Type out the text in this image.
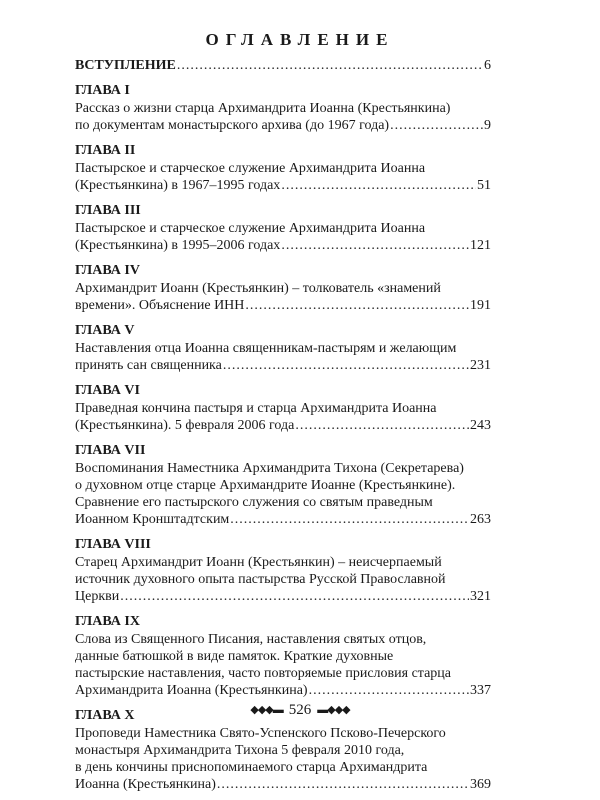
ОГЛАВЛЕНИЕ
ВСТУПЛЕНИЕ .....	6
ГЛАВА I
Рассказ о жизни старца Архимандрита Иоанна (Крестьянкина)
по документам монастырского архива (до 1967 года) .....	9
ГЛАВА II
Пастырское и старческое служение Архимандрита Иоанна
(Крестьянкина) в 1967–1995 годах .....	51
ГЛАВА III
Пастырское и старческое служение Архимандрита Иоанна
(Крестьянкина) в 1995–2006 годах .....	121
ГЛАВА IV
Архимандрит Иоанн (Крестьянкин) – толкователь «знамений
времени». Объяснение ИНН .....	191
ГЛАВА V
Наставления отца Иоанна священникам-пастырям и желающим
принять сан священника .....	231
ГЛАВА VI
Праведная кончина пастыря и старца Архимандрита Иоанна
(Крестьянкина). 5 февраля 2006 года .....	243
ГЛАВА VII
Воспоминания Наместника Архимандрита Тихона (Секретарева)
о духовном отце старце Архимандрите Иоанне (Крестьянкине).
Сравнение его пастырского служения со святым праведным
Иоанном Кронштадтским .....	263
ГЛАВА VIII
Старец Архимандрит Иоанн (Крестьянкин) – неисчерпаемый
источник духовного опыта пастырства Русской Православной
Церкви .....	321
ГЛАВА IX
Слова из Священного Писания, наставления святых отцов,
данные батюшкой в виде памяток. Краткие духовные
пастырские наставления, часто повторяемые присловия старца
Архимандрита Иоанна (Крестьянкина) .....	337
ГЛАВА X
Проповеди Наместника Свято-Успенского Псково-Печерского
монастыря Архимандрита Тихона 5 февраля 2010 года,
в день кончины приснопоминаемого старца Архимандрита
Иоанна (Крестьянкина) .....	369
◆◆◆▬ 526 ▬◆◆◆
